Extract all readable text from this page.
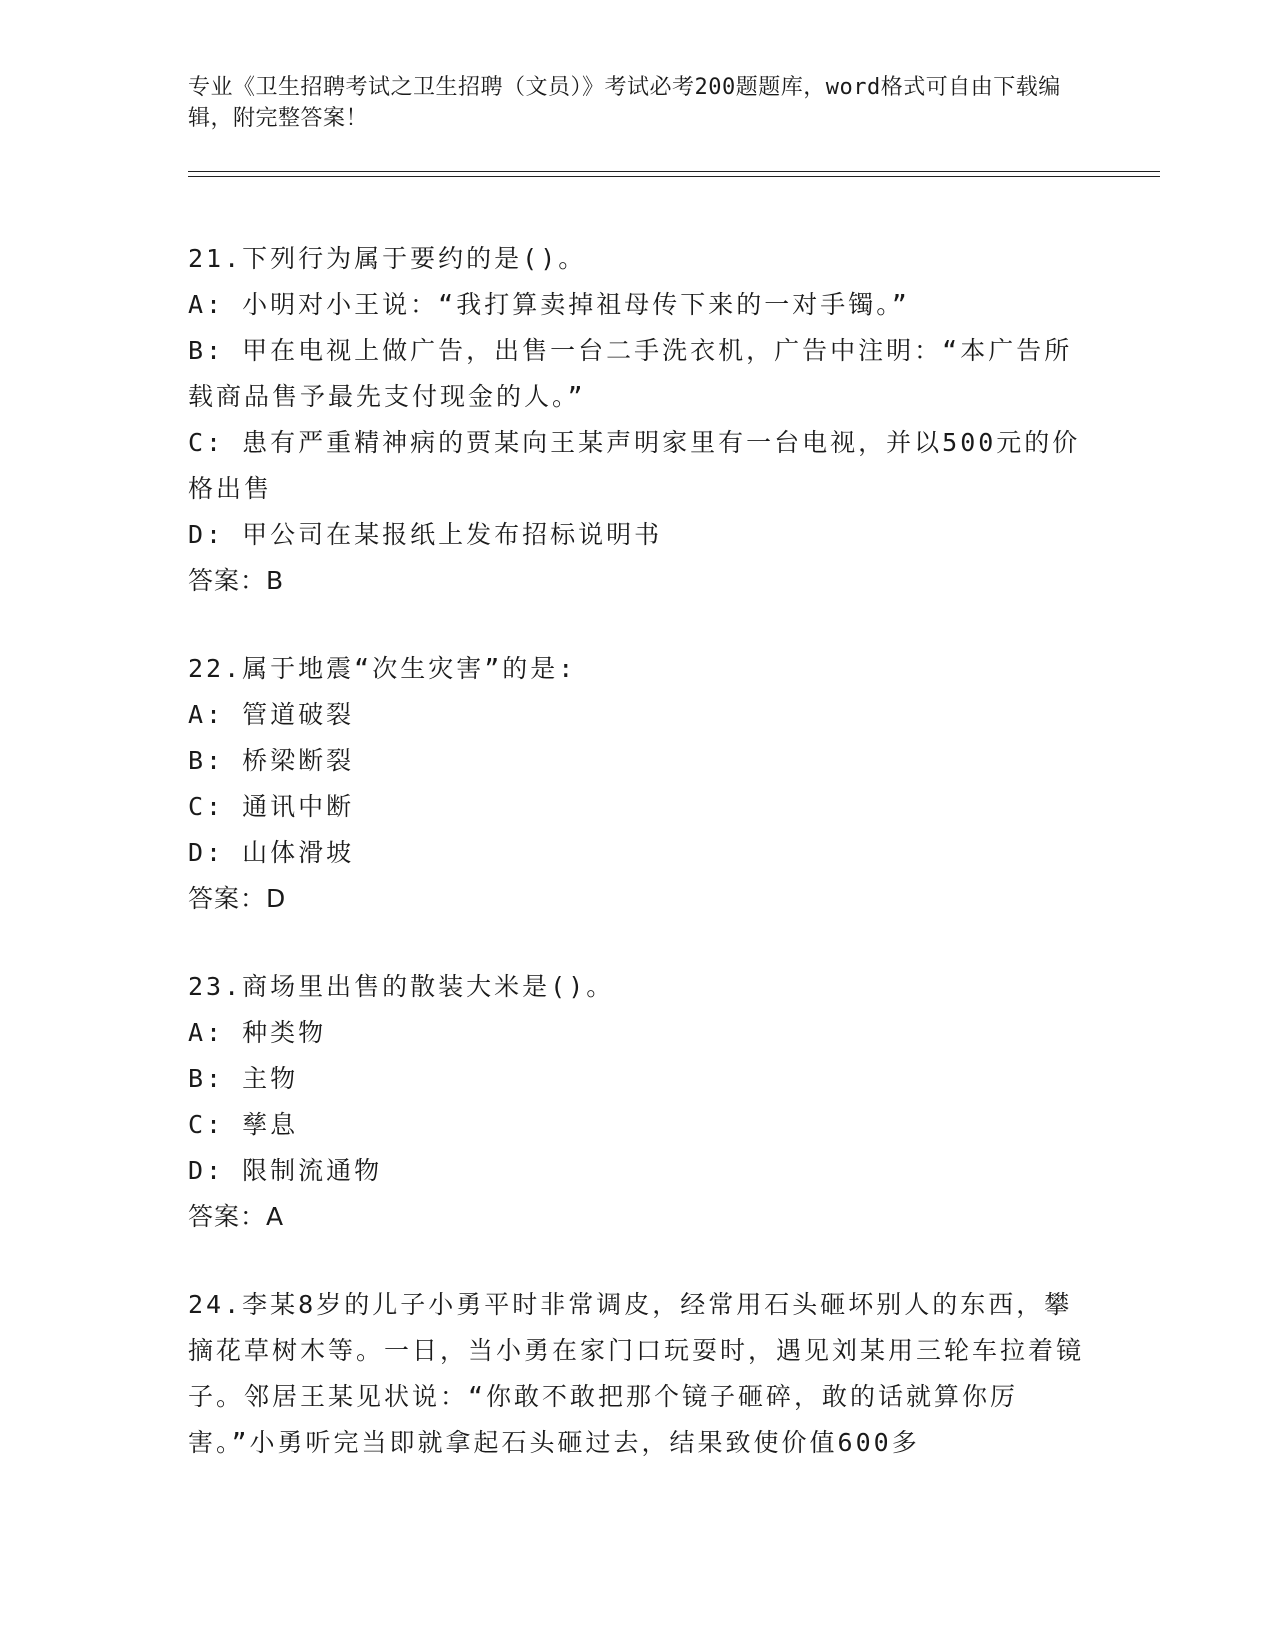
专业《卫生招聘考试之卫生招聘（文员）》考试必考200题题库，word格式可自由下载编辑，附完整答案！

21.下列行为属于要约的是()。

A: 小明对小王说：“我打算卖掉祖母传下来的一对手镯。”

B: 甲在电视上做广告，出售一台二手洗衣机，广告中注明：“本广告所载商品售予最先支付现金的人。”

C: 患有严重精神病的贾某向王某声明家里有一台电视，并以500元的价格出售

D: 甲公司在某报纸上发布招标说明书

答案：B

22.属于地震“次生灾害”的是:

A: 管道破裂

B: 桥梁断裂

C: 通讯中断

D: 山体滑坡

答案：D

23.商场里出售的散装大米是()。

A: 种类物

B: 主物

C: 孳息

D: 限制流通物

答案：A

24.李某8岁的儿子小勇平时非常调皮，经常用石头砸坏别人的东西，攀摘花草树木等。一日，当小勇在家门口玩耍时，遇见刘某用三轮车拉着镜子。邻居王某见状说：“你敢不敢把那个镜子砸碎，敢的话就算你厉害。”小勇听完当即就拿起石头砸过去，结果致使价值600多
